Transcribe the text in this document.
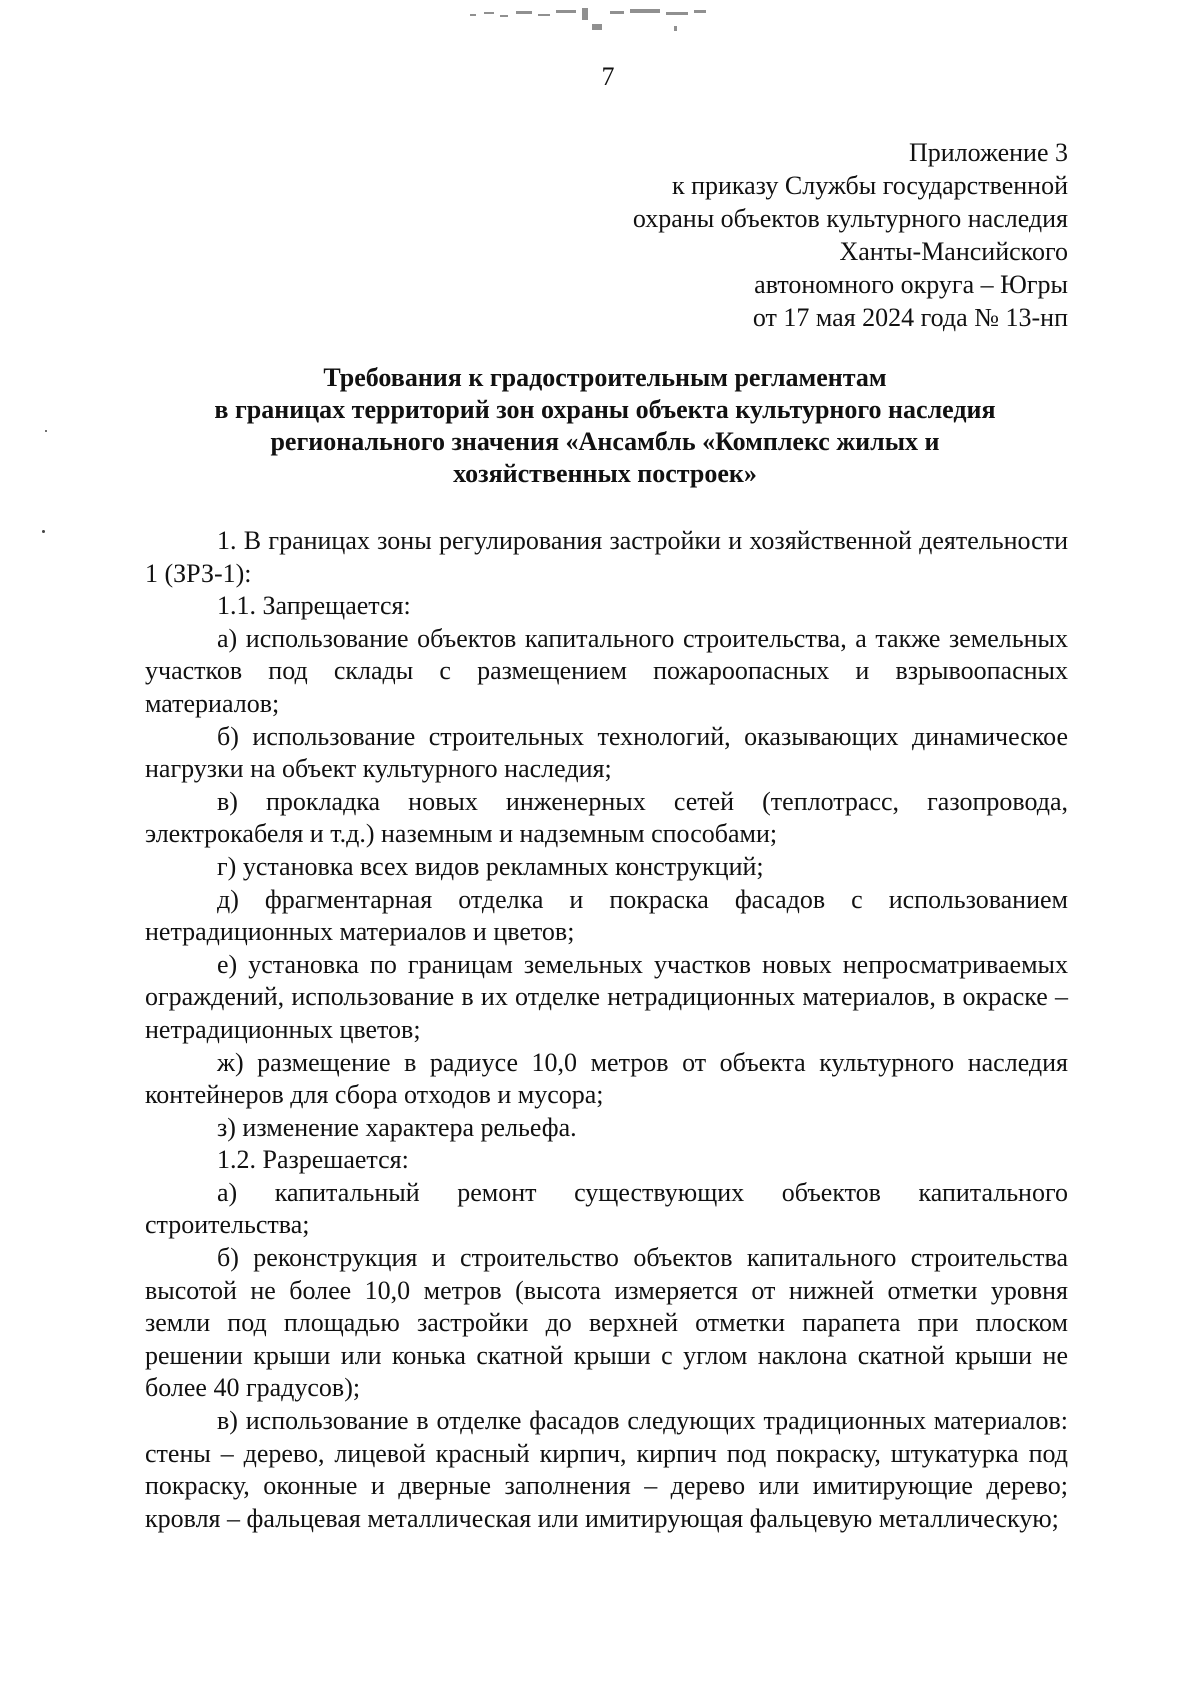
7
Приложение 3
к приказу Службы государственной
охраны объектов культурного наследия
Ханты-Мансийского
автономного округа – Югры
от 17 мая 2024 года № 13-нп
Требования к градостроительным регламентам
в границах территорий зон охраны объекта культурного наследия
регионального значения «Ансамбль «Комплекс жилых и
хозяйственных построек»

1. В границах зоны регулирования застройки и хозяйственной деятельности 1 (ЗРЗ-1):

1.1. Запрещается:

а) использование объектов капитального строительства, а также земельных участков под склады с размещением пожароопасных и взрывоопасных материалов;

б) использование строительных технологий, оказывающих динамическое нагрузки на объект культурного наследия;

в) прокладка новых инженерных сетей (теплотрасс, газопровода, электрокабеля и т.д.) наземным и надземным способами;

г) установка всех видов рекламных конструкций;

д) фрагментарная отделка и покраска фасадов с использованием нетрадиционных материалов и цветов;

е) установка по границам земельных участков новых непросматриваемых ограждений, использование в их отделке нетрадиционных материалов, в окраске – нетрадиционных цветов;

ж) размещение в радиусе 10,0 метров от объекта культурного наследия контейнеров для сбора отходов и мусора;

з) изменение характера рельефа.

1.2. Разрешается:

а) капитальный ремонт существующих объектов капитального строительства;

б) реконструкция и строительство объектов капитального строительства высотой не более 10,0 метров (высота измеряется от нижней отметки уровня земли под площадью застройки до верхней отметки парапета при плоском решении крыши или конька скатной крыши с углом наклона скатной крыши не более 40 градусов);

в) использование в отделке фасадов следующих традиционных материалов: стены – дерево, лицевой красный кирпич, кирпич под покраску, штукатурка под покраску, оконные и дверные заполнения – дерево или имитирующие дерево; кровля – фальцевая металлическая или имитирующая фальцевую металлическую;
